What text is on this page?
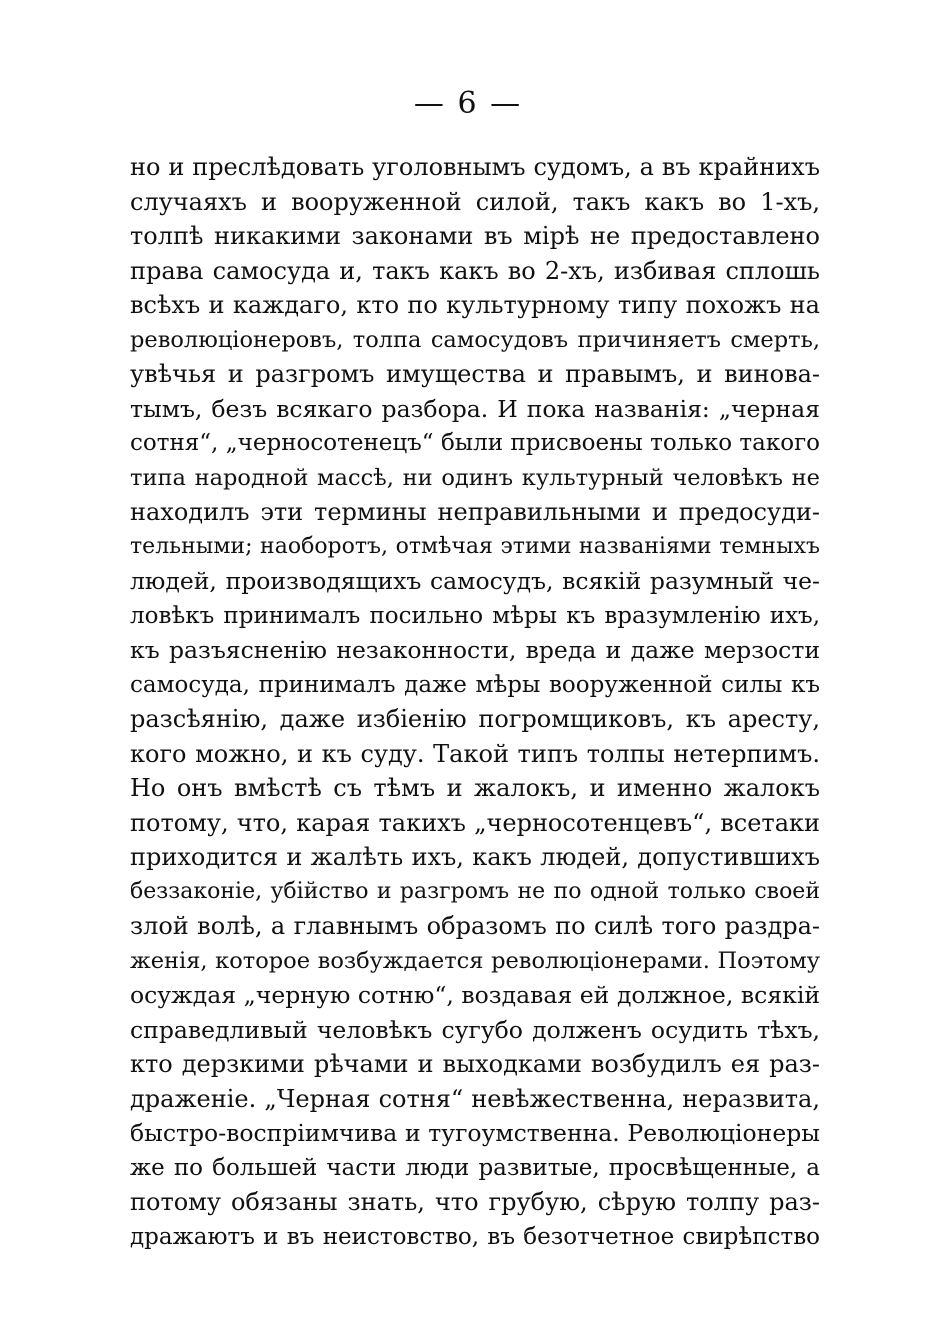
— 6 —
но и преслѣдовать уголовнымъ судомъ, а въ крайнихъ
случаяхъ и вооруженной силой, такъ какъ во 1-хъ,
толпѣ никакими законами въ мірѣ не предоставлено
права самосуда и, такъ какъ во 2-хъ, избивая сплошь
всѣхъ и каждаго, кто по культурному типу похожъ на
революціонеровъ, толпа самосудовъ причиняетъ смерть,
увѣчья и разгромъ имущества и правымъ, и винова-
тымъ, безъ всякаго разбора. И пока названія: „черная
сотня“, „черносотенецъ“ были присвоены только такого
типа народной массѣ, ни одинъ культурный человѣкъ не
находилъ эти термины неправильными и предосуди-
тельными; наоборотъ, отмѣчая этими названіями темныхъ
людей, производящихъ самосудъ, всякій разумный че-
ловѣкъ принималъ посильно мѣры къ вразумленію ихъ,
къ разъясненію незаконности, вреда и даже мерзости
самосуда, принималъ даже мѣры вооруженной силы къ
разсѣянію, даже избіенію погромщиковъ, къ аресту,
кого можно, и къ суду. Такой типъ толпы нетерпимъ.
Но онъ вмѣстѣ съ тѣмъ и жалокъ, и именно жалокъ
потому, что, карая такихъ „черносотенцевъ“, всетаки
приходится и жалѣть ихъ, какъ людей, допустившихъ
беззаконіе, убійство и разгромъ не по одной только своей
злой волѣ, а главнымъ образомъ по силѣ того раздра-
женія, которое возбуждается революціонерами. Поэтому
осуждая „черную сотню“, воздавая ей должное, всякій
справедливый человѣкъ сугубо долженъ осудить тѣхъ,
кто дерзкими рѣчами и выходками возбудилъ ея раз-
драженіе. „Черная сотня“ невѣжественна, неразвита,
быстро-воспріимчива и тугоумственна. Революціонеры
же по большей части люди развитые, просвѣщенные, а
потому обязаны знать, что грубую, сѣрую толпу раз-
дражаютъ и въ неистовство, въ безотчетное свирѣпство
